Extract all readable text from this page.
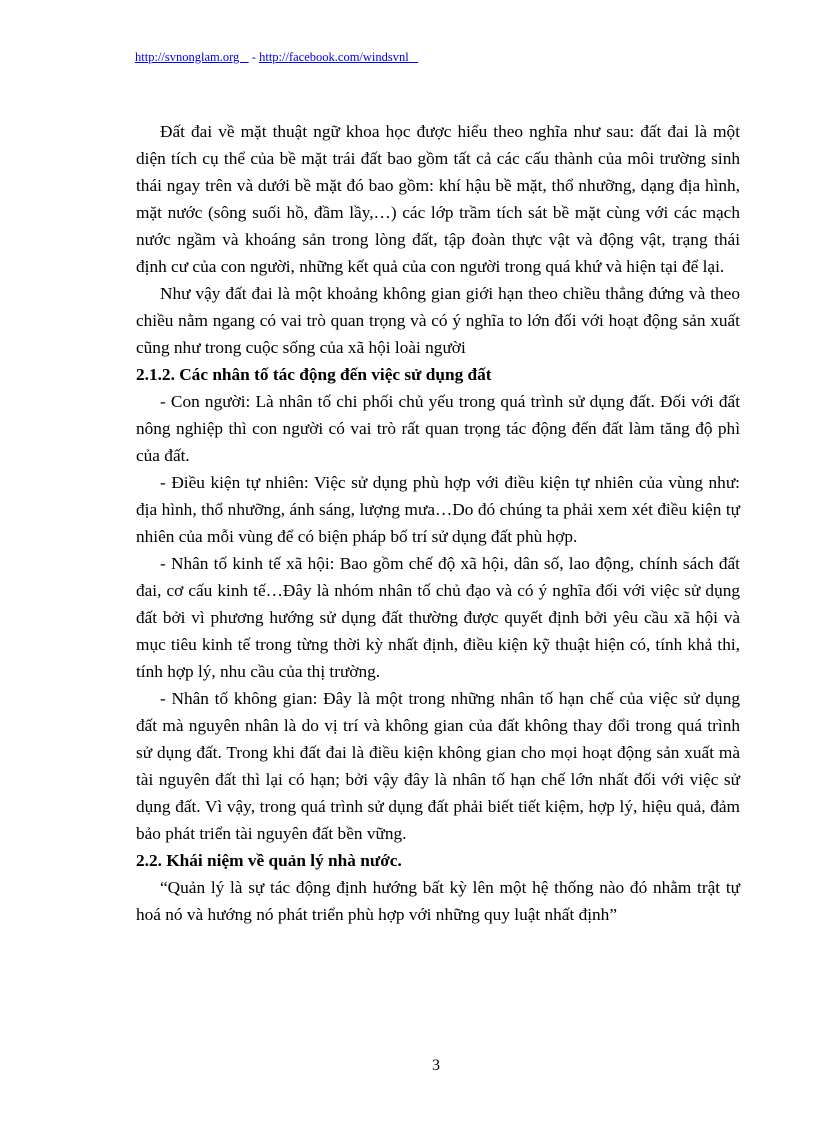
http://svnonglam.org    - http://facebook.com/windsvnl

Đất đai về mặt thuật ngữ khoa học được hiểu theo nghĩa như sau: đất đai là một diện tích cụ thể của bề mặt trái đất bao gồm tất cả các cấu thành của môi trường sinh thái ngay trên và dưới bề mặt đó bao gồm: khí hậu bề mặt, thổ nhưỡng, dạng địa hình, mặt nước (sông suối hồ, đầm lầy,…) các lớp trầm tích sát bề mặt cùng với các mạch nước ngầm và khoáng sản trong lòng đất, tập đoàn thực vật và động vật, trạng thái định cư của con người, những kết quả của con người trong quá khứ và hiện tại để lại.

Như vậy đất đai là một khoảng không gian giới hạn theo chiều thẳng đứng và theo chiều nằm ngang có vai trò quan trọng và có ý nghĩa to lớn đối với hoạt động sản xuất cũng như trong cuộc sống của xã hội loài người

2.1.2. Các nhân tố tác động đến việc sử dụng đất

- Con người: Là nhân tố chi phối chủ yếu trong quá trình sử dụng đất. Đối với đất nông nghiệp thì con người có vai trò rất quan trọng tác động đến đất làm tăng độ phì của đất.

- Điều kiện tự nhiên: Việc sử dụng phù hợp với điều kiện tự nhiên của vùng như: địa hình, thổ nhưỡng, ánh sáng, lượng mưa…Do đó chúng ta phải xem xét điều kiện tự nhiên của mỗi vùng để có biện pháp bố trí sử dụng đất phù hợp.

- Nhân tố kinh tế xã hội: Bao gồm chế độ xã hội, dân số, lao động, chính sách đất đai, cơ cấu kinh tế…Đây là nhóm nhân tố chủ đạo và có ý nghĩa đối với việc sử dụng đất bởi vì phương hướng sử dụng đất thường được quyết định bởi yêu cầu xã hội và mục tiêu kinh tế trong từng thời kỳ nhất định, điều kiện kỹ thuật hiện có, tính khả thi, tính hợp lý, nhu cầu của thị trường.

- Nhân tố không gian: Đây là một trong những nhân tố hạn chế của việc sử dụng đất mà nguyên nhân là do vị trí và không gian của đất không thay đổi trong quá trình sử dụng đất. Trong khi đất đai là điều kiện không gian cho mọi hoạt động sản xuất mà tài nguyên đất thì lại có hạn; bởi vậy đây là nhân tố hạn chế lớn nhất đối với việc sử dụng đất. Vì vậy, trong quá trình sử dụng đất phải biết tiết kiệm, hợp lý, hiệu quả, đảm bảo phát triển tài nguyên đất bền vững.

2.2. Khái niệm về quản lý nhà nước.

“Quản lý là sự tác động định hướng bất kỳ lên một hệ thống nào đó nhằm trật tự hoá nó và hướng nó phát triển phù hợp với những quy luật nhất định”

3
